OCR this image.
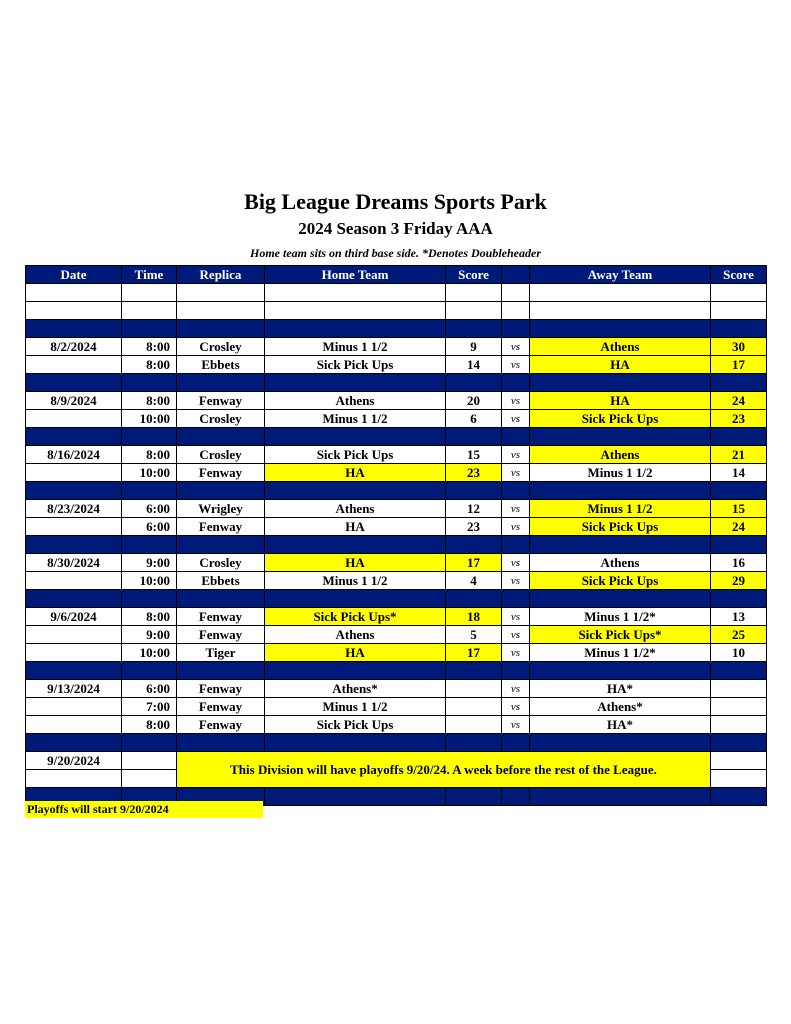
Big League Dreams Sports Park
2024 Season 3 Friday AAA
Home team sits on third base side. *Denotes Doubleheader
Date	Time	Replica	Home Team	Score		Away Team	Score

8/2/2024	8:00	Crosley	Minus 1 1/2	9	vs	Athens	30
	8:00	Ebbets	Sick Pick Ups	14	vs	HA	17

8/9/2024	8:00	Fenway	Athens	20	vs	HA	24
	10:00	Crosley	Minus 1 1/2	6	vs	Sick Pick Ups	23

8/16/2024	8:00	Crosley	Sick Pick Ups	15	vs	Athens	21
	10:00	Fenway	HA	23	vs	Minus 1 1/2	14

8/23/2024	6:00	Wrigley	Athens	12	vs	Minus 1 1/2	15
	6:00	Fenway	HA	23	vs	Sick Pick Ups	24

8/30/2024	9:00	Crosley	HA	17	vs	Athens	16
	10:00	Ebbets	Minus 1 1/2	4	vs	Sick Pick Ups	29

9/6/2024	8:00	Fenway	Sick Pick Ups*	18	vs	Minus 1 1/2*	13
	9:00	Fenway	Athens	5	vs	Sick Pick Ups*	25
	10:00	Tiger	HA	17	vs	Minus 1 1/2*	10

9/13/2024	6:00	Fenway	Athens*		vs	HA*	
	7:00	Fenway	Minus 1 1/2		vs	Athens*	
	8:00	Fenway	Sick Pick Ups		vs	HA*	

9/20/2024		This Division will have playoffs 9/20/24. A week before the rest of the League.					

Playoffs will start 9/20/2024
